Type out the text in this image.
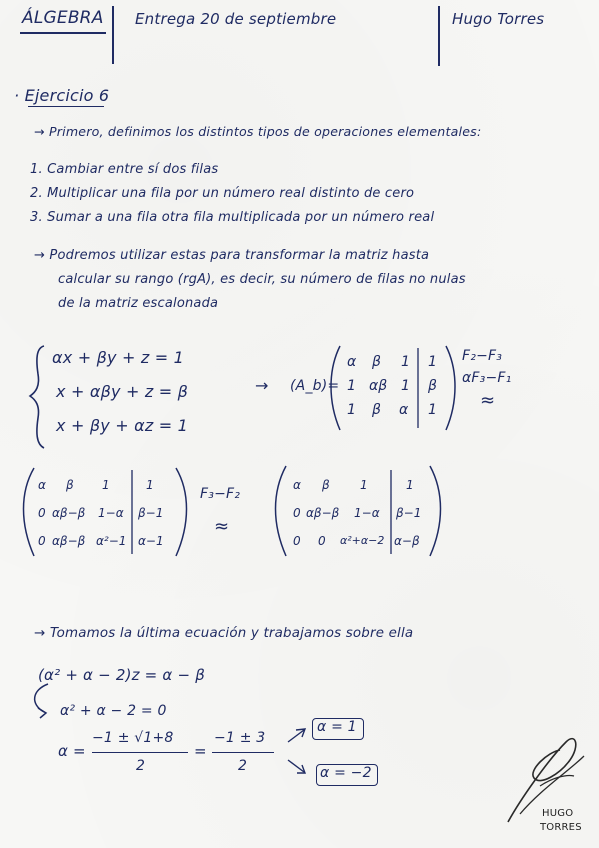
ÁLGEBRA Entrega 20 de septiembre	Hugo Torres
· Ejercicio 6
→ Primero, definimos los distintos tipos de operaciones elementales:
1. Cambiar entre sí dos filas
2. Multiplicar una fila por un número real distinto de cero
3. Sumar a una fila otra fila multiplicada por un número real
→ Podremos utilizar estas para transformar la matriz hasta
calcular su rango (rgA), es decir, su número de filas no nulas
de la matriz escalonada
αx + βy + z = 1
x + αβy + z = β
x + βy + αz = 1
→ (A_b)=
α β 1
1 αβ 1
1 β α
1
β
1
F₂−F₃
αF₃−F₁
≈
α β 1
0 αβ−β 1−α
0 αβ−β α²−1
1
β−1
α−1
F₃−F₂
≈
α β	1
0 αβ−β 1−α
0 0 α²+α−2
1
β−1
α−β
→ Tomamos la última ecuación y trabajamos sobre ella
(α² + α − 2)z = α − β
α² + α − 2 = 0
α =
−1 ± √1+8
2
=
−1 ± 3
2
α = 1
α = −2
HUGO
TORRES
